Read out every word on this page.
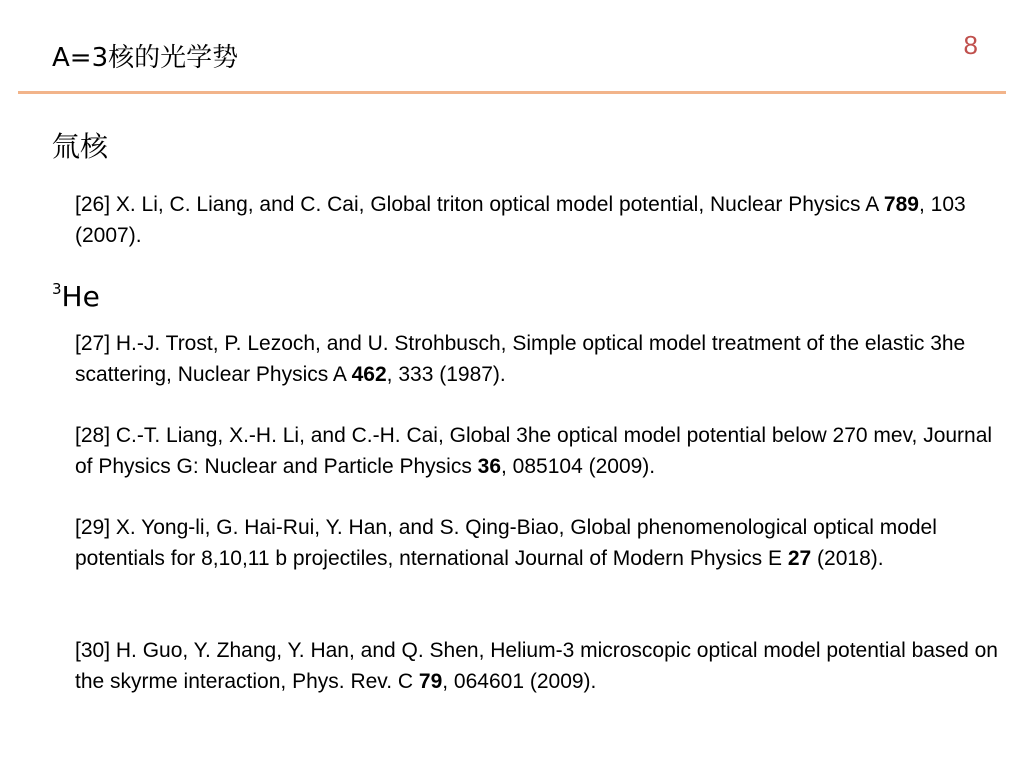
A=3核的光学势	8
氚核

[26] X. Li, C. Liang, and C. Cai, Global triton optical model potential, Nuclear Physics A 789, 103 (2007).

$^3$He

[27] H.-J. Trost, P. Lezoch, and U. Strohbusch, Simple optical model treatment of the elastic 3he scattering, Nuclear Physics A 462, 333 (1987).

[28] C.-T. Liang, X.-H. Li, and C.-H. Cai, Global 3he optical model potential below 270 mev, Journal of Physics G: Nuclear and Particle Physics 36, 085104 (2009).

[29] X. Yong-li, G. Hai-Rui, Y. Han, and S. Qing-Biao, Global phenomenological optical model potentials for 8,10,11 b projectiles, nternational Journal of Modern Physics E 27 (2018).

[30] H. Guo, Y. Zhang, Y. Han, and Q. Shen, Helium-3 microscopic optical model potential based on the skyrme interaction, Phys. Rev. C 79, 064601 (2009).
